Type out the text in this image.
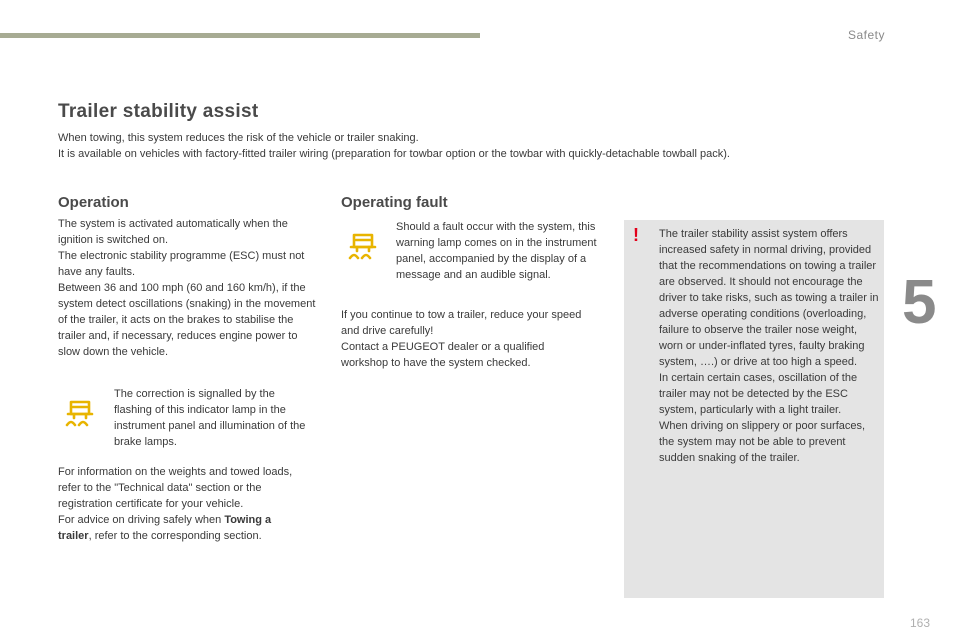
Safety
5
Trailer stability assist

When towing, this system reduces the risk of the vehicle or trailer snaking.

It is available on vehicles with factory-fitted trailer wiring (preparation for towbar option or the towbar with quickly-detachable towball pack).

Operation

The system is activated automatically when the ignition is switched on.

The electronic stability programme (ESC) must not have any faults.

Between 36 and 100 mph (60 and 160 km/h), if the system detect oscillations (snaking) in the movement of the trailer, it acts on the brakes to stabilise the trailer and, if necessary, reduces engine power to slow down the vehicle.

The correction is signalled by the flashing of this indicator lamp in the instrument panel and illumination of the brake lamps.

For information on the weights and towed loads, refer to the "Technical data" section or the registration certificate for your vehicle.

For advice on driving safely when Towing a trailer, refer to the corresponding section.

Operating fault
Should a fault occur with the system, this warning lamp comes on in the instrument panel, accompanied by the display of a message and an audible signal.

If you continue to tow a trailer, reduce your speed and drive carefully!

Contact a PEUGEOT dealer or a qualified workshop to have the system checked.

! The trailer stability assist system offers increased safety in normal driving, provided that the recommendations on towing a trailer are observed. It should not encourage the driver to take risks, such as towing a trailer in adverse operating conditions (overloading, failure to observe the trailer nose weight, worn or under-inflated tyres, faulty braking system, ….) or drive at too high a speed.

In certain certain cases, oscillation of the trailer may not be detected by the ESC system, particularly with a light trailer.

When driving on slippery or poor surfaces, the system may not be able to prevent sudden snaking of the trailer.

163
